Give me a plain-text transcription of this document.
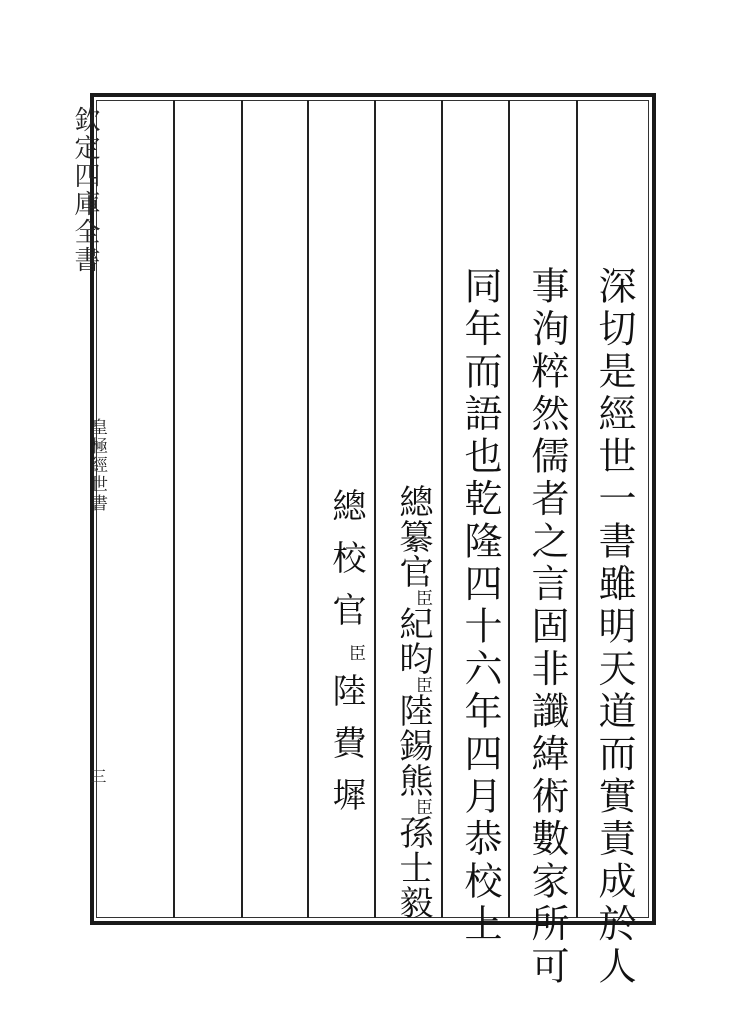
欽定四庫全書
皇極經世書
三	深切是經世一書雖明天道而實責成於人
事洵粹然儒者之言固非讖緯術數家所可
同年而語也乾隆四十六年四月恭校上
總纂官臣紀昀臣陸錫熊臣孫士毅
總校官臣陸費墀
